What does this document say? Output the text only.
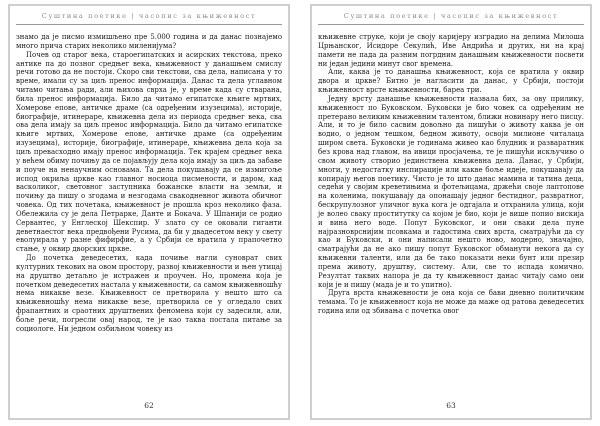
Суштина поетике | часопис за књижевност

знамо да је писмо измишљено пре 5.000 година и да данас познајемо много прича старих неколико миленијума?

Почев од старог века, староегипатских и асирских текстова, преко антике па до позног средњег века, књижевност у данашњем смислу речи готово да не постоји. Скоро сви текстови, сва дела, написана у то време, имали су за циљ пренос информација. Данас та дела углавном читамо читања ради, али њихова сврха је, у време када су стварана, била пренос информација. Било да читамо египатске књиге мртвих, Хомерове епове, античке драме (са одређеним изузецима), историје, биографије, итинераре, књижевна дела из периода средњег века, сва ова дела имају за циљ пренос информација. Било да читамо египатске књиге мртвих, Хомерове епове, античке драме (са одређеним изузецима), историје, биографије, итинераре, књижевна дела која за циљ превасходно имају пренос информација. Тек крајем средњег века у већем обиму почињу да се појављују дела која имају за циљ да забаве и поуче на ненаучним основама. Та дела покушавају да се измигоље испод окриља цркве као главног носиоца писмености, и даром, кад васколиког, световног заступника божанске власти на земљи, и почињу да пишу о згодама и незгодама свакодневног живота обичног човека. Од тих почетака, књижевност је прошла кроз неколико фаза. Обележила су је дела Петрарке, Данте и Бокача. У Шпанији се родио Сервантес, у Енглеској Шекспир. У злато су се оковали гиганти деветнаестог века предвођени Русима, да би у двадесетом веку у свету еволуирала у разне фифирфие, а у Србији се вратила у прапочетно стање, у оквир дворских цркве.

До почетка деведесетих, када почиње нагли суноврат свих културних текових на овом простору, развој књижевности и њен утицај на друштво детаљно је истражен и проучен. Но, промена која је почетком деведесетих настала у књижевности, са самом књижевношћу нема никакве везе. Књижевност се претворила у нешто што са књижевношћу нема никакве везе, претворила се у огледало свих фрапантних и сраотних друштвених феномена који су задесили, али, боље речи, погресли овај народ, те је као таква постала питање за социологе. Ни једном озбиљном човеку из

62
Суштина поетике | часопис за књижевност

књижевне струке, који је своју каријеру изградио на делима Милоша Црњанског, Исидоре Секулић, Иве Андрића и других, ни на крај памети не пада да разним погрдним данашњим књижевности посвети ни један једини минут свог времена.

Али, каква је то данашња књижевност, која се вратила у оквир двора и цркве? Битно је нагласити да данас, у Србији, постоји књижевност врсте књижевности, бареа три.

Једну врсту данашње књижевности назвала бих, за ову прилику, књижевност по Буковском. Буковски је био човек са одређеним не претерано великим књижевним талентом, ближи новинару него писцу. Али, и то је било сасвим довољно да пишући о животу каква је он водио, о једном тешком, бедном животу, освоји милионе читалаца широм света. Буковски је годинама живео као блудник и разваратник без крова над главом, на ивици просјачења, те је пишући искључиво о свом животу створио јединствена књижевна дела. Данас, у Србији, многи, у недостатку инспирације или какве боље идеје, покушавају да копирају његов поетику. Чисто је то што данас мамина и татина деца, седећи у својим креветињима и фотељицама, држећи своје лаптопове на коленима, покушавају да опонашају једног бестидног, развратног, бескрупулозног уличног вука кога је одгајала и отхранила улица, који је волео сваку проститутку са којом је био, који је више попио вискија и вина него воде. Попут Буковског, и они сваки дела пуне најразноврснијим псовкама и гадостима свих врста, сматрајући да су као и Буковски, и они написали нешто ново, модерно, значајно, сматрајући да не ако пишу попут Буковског обманути некога да су књижевни таленти, или да бе тако показати неки бунт или презир према животу, друштву, систему. Али, све то испада комично. Резултат таквих напора је да ту књижевност данас читају само они који је и пишу (мада је и то упитно).

Друга врста књижевности је она која се бави дневно политичким темама. То је књижевност која не може да маже од ратова деведесетих година или од збивања с почетка овог

63
